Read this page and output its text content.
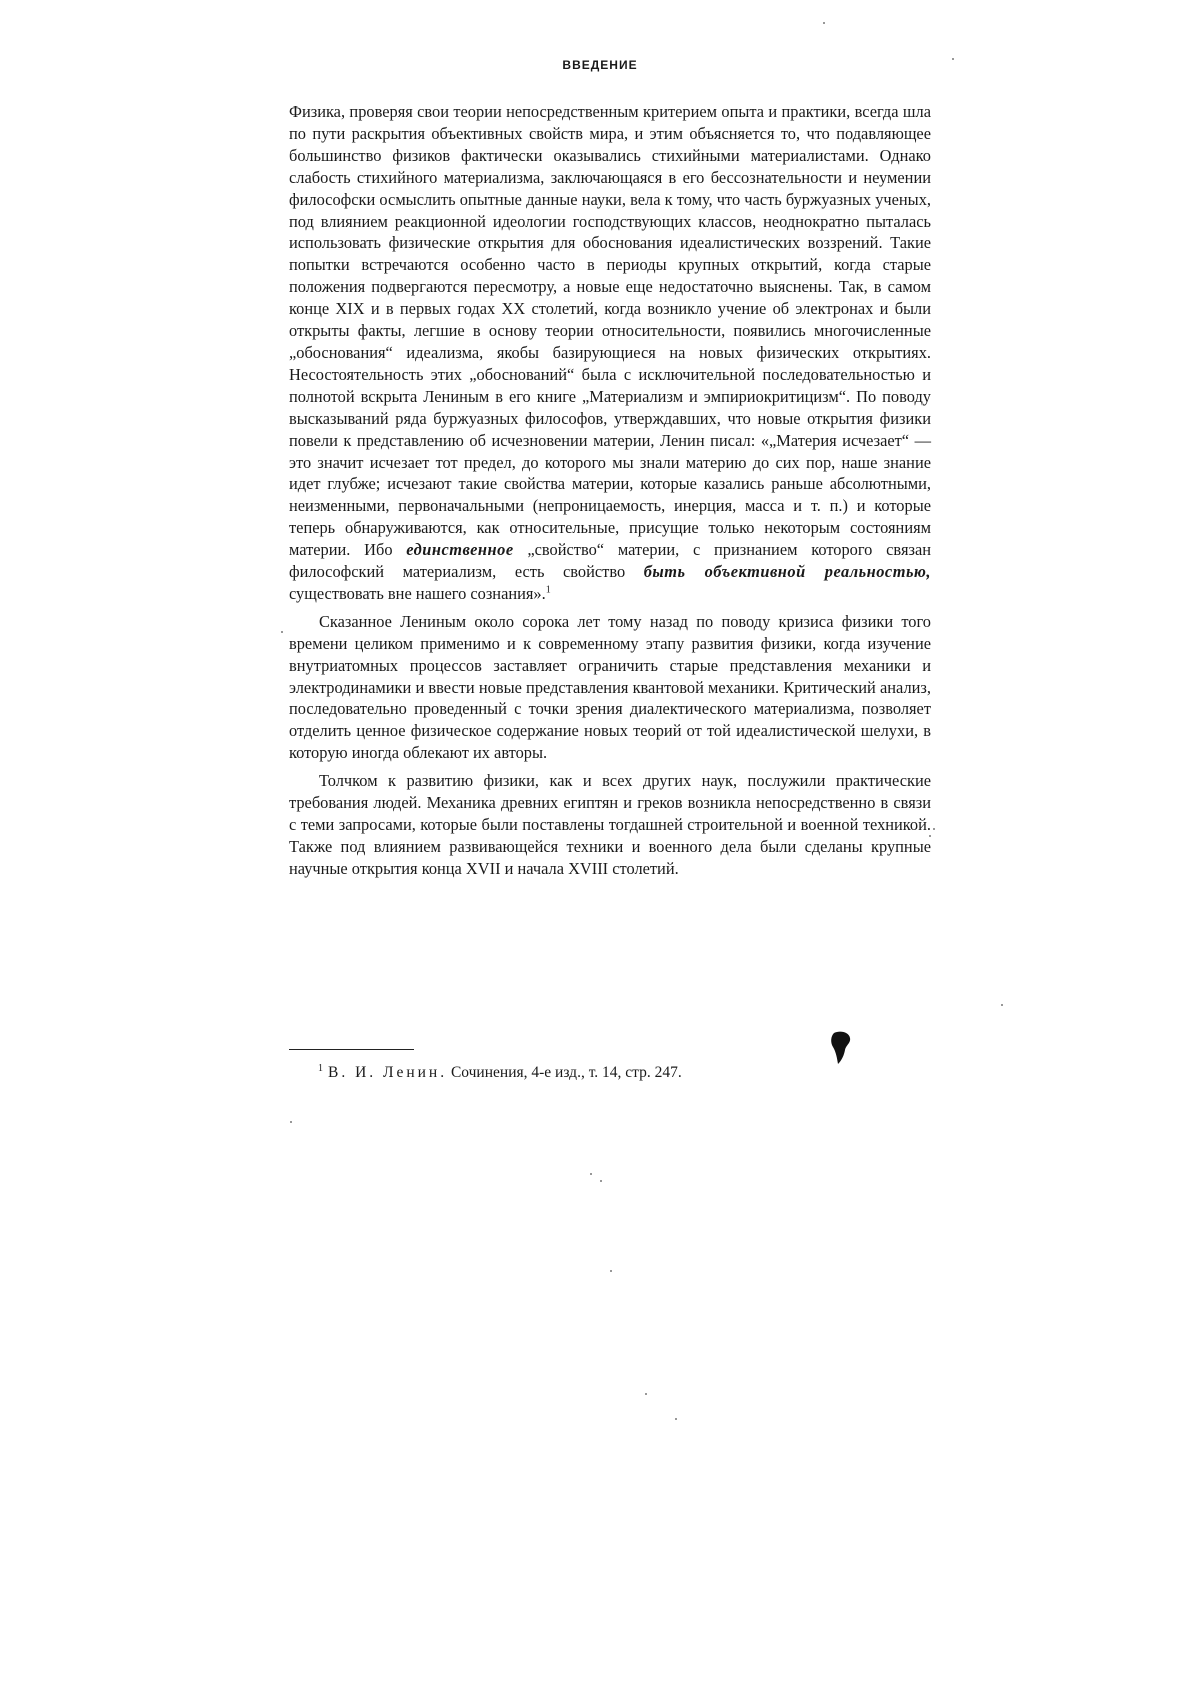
ВВЕДЕНИЕ

Физика, проверяя свои теории непосредственным критерием опыта и практики, всегда шла по пути раскрытия объективных свойств мира, и этим объясняется то, что подавляющее большинство физиков фактически оказывались стихийными материалистами. Однако слабость стихийного материализма, заключающаяся в его бессознательности и неумении философски осмыслить опытные данные науки, вела к тому, что часть буржуазных ученых, под влиянием реакционной идеологии господствующих классов, неоднократно пыталась использовать физические открытия для обоснования идеалистических воззрений. Такие попытки встречаются особенно часто в периоды крупных открытий, когда старые положения подвергаются пересмотру, а новые еще недостаточно выяснены. Так, в самом конце XIX и в первых годах XX столетий, когда возникло учение об электронах и были открыты факты, легшие в основу теории относительности, появились многочисленные „обоснования“ идеализма, якобы базирующиеся на новых физических открытиях. Несостоятельность этих „обоснований“ была с исключительной последовательностью и полнотой вскрыта Лениным в его книге „Материализм и эмпириокритицизм“. По поводу высказываний ряда буржуазных философов, утверждавших, что новые открытия физики повели к представлению об исчезновении материи, Ленин писал: «„Материя исчезает“ — это значит исчезает тот предел, до которого мы знали материю до сих пор, наше знание идет глубже; исчезают такие свойства материи, которые казались раньше абсолютными, неизменными, первоначальными (непроницаемость, инерция, масса и т. п.) и которые теперь обнаруживаются, как относительные, присущие только некоторым состояниям материи. Ибо единственное „свойство“ материи, с признанием которого связан философский материализм, есть свойство быть объективной реальностью, существовать вне нашего сознания».$^1$

Сказанное Лениным около сорока лет тому назад по поводу кризиса физики того времени целиком применимо и к современному этапу развития физики, когда изучение внутриатомных процессов заставляет ограничить старые представления механики и электродинамики и ввести новые представления квантовой механики. Критический анализ, последовательно проведенный с точки зрения диалектического материализма, позволяет отделить ценное физическое содержание новых теорий от той идеалистической шелухи, в которую иногда облекают их авторы.

Толчком к развитию физики, как и всех других наук, послужили практические требования людей. Механика древних египтян и греков возникла непосредственно в связи с теми запросами, которые были поставлены тогдашней строительной и военной техникой. Также под влиянием развивающейся техники и военного дела были сделаны крупные научные открытия конца XVII и начала XVIII столетий.

$^1$ В. И. Ленин. Сочинения, 4-е изд., т. 14, стр. 247.
